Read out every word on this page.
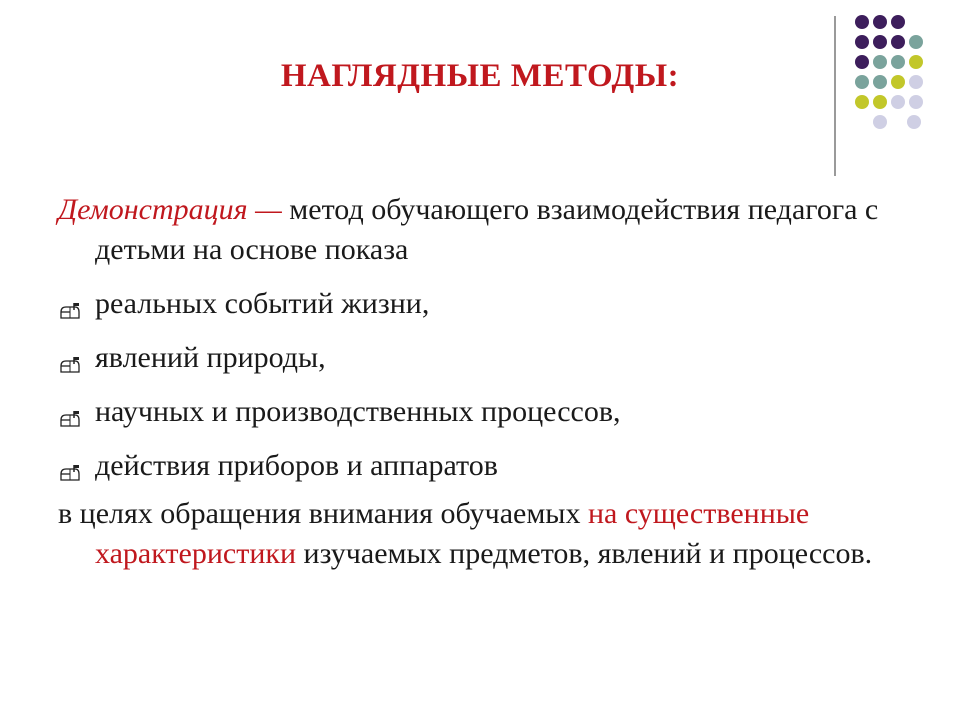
НАГЛЯДНЫЕ МЕТОДЫ:
Демонстрация — метод обучающего взаимодействия педагога с детьми на основе показа
реальных событий жизни,
явлений природы,
научных и производственных процессов,
действия приборов и аппаратов
в целях обращения внимания обучаемых на существенные характеристики изучаемых предметов, явлений и процессов.
